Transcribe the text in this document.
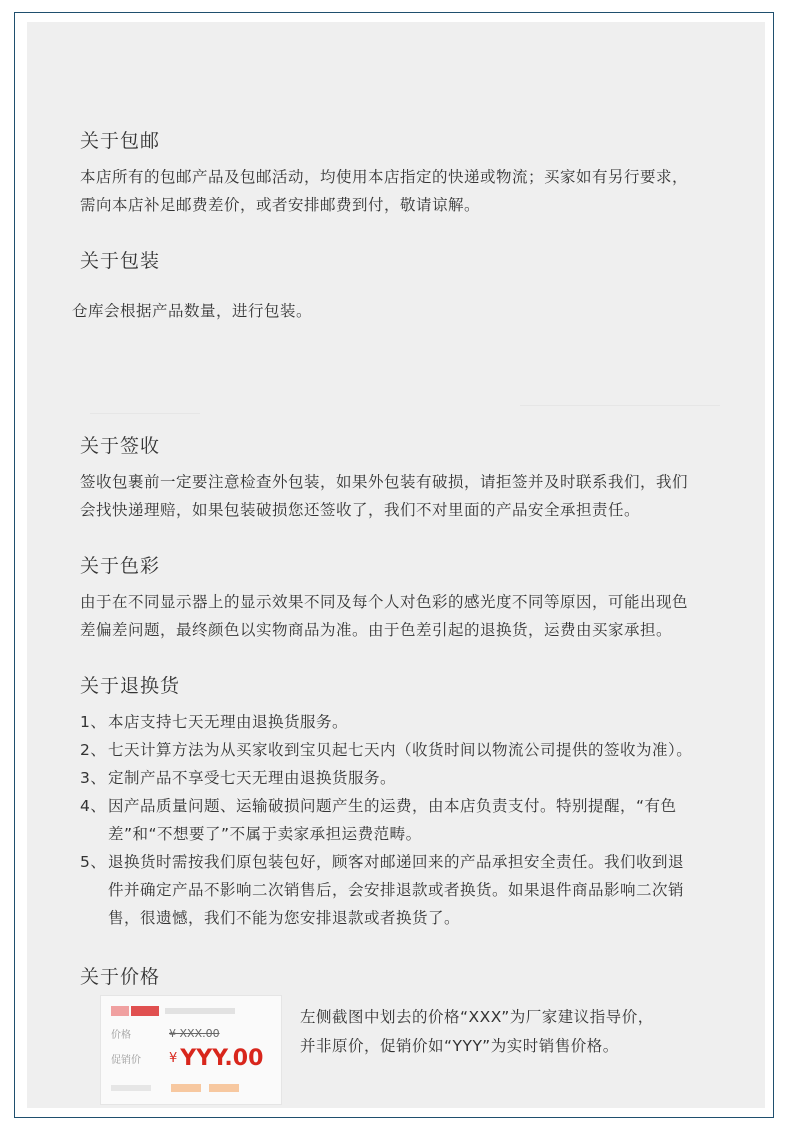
关于包邮

本店所有的包邮产品及包邮活动，均使用本店指定的快递或物流；买家如有另行要求，

需向本店补足邮费差价，或者安排邮费到付，敬请谅解。

关于包装

仓库会根据产品数量，进行包装。

关于签收

签收包裹前一定要注意检查外包装，如果外包装有破损，请拒签并及时联系我们，我们

会找快递理赔，如果包装破损您还签收了，我们不对里面的产品安全承担责任。

关于色彩

由于在不同显示器上的显示效果不同及每个人对色彩的感光度不同等原因，可能出现色

差偏差问题，最终颜色以实物商品为准。由于色差引起的退换货，运费由买家承担。

关于退换货
1、 本店支持七天无理由退换货服务。

2、 七天计算方法为从买家收到宝贝起七天内（收货时间以物流公司提供的签收为准）。

3、 定制产品不享受七天无理由退换货服务。

4、 因产品质量问题、运输破损问题产生的运费，由本店负责支付。特别提醒，“有色

差”和“不想要了”不属于卖家承担运费范畴。

5、 退换货时需按我们原包装包好，顾客对邮递回来的产品承担安全责任。我们收到退

件并确定产品不影响二次销售后，会安排退款或者换货。如果退件商品影响二次销

售，很遗憾，我们不能为您安排退款或者换货了。

关于价格
价格	¥ XXX.00
促销价	¥ YYY.00

左侧截图中划去的价格“XXX”为厂家建议指导价，

并非原价，促销价如“YYY”为实时销售价格。
